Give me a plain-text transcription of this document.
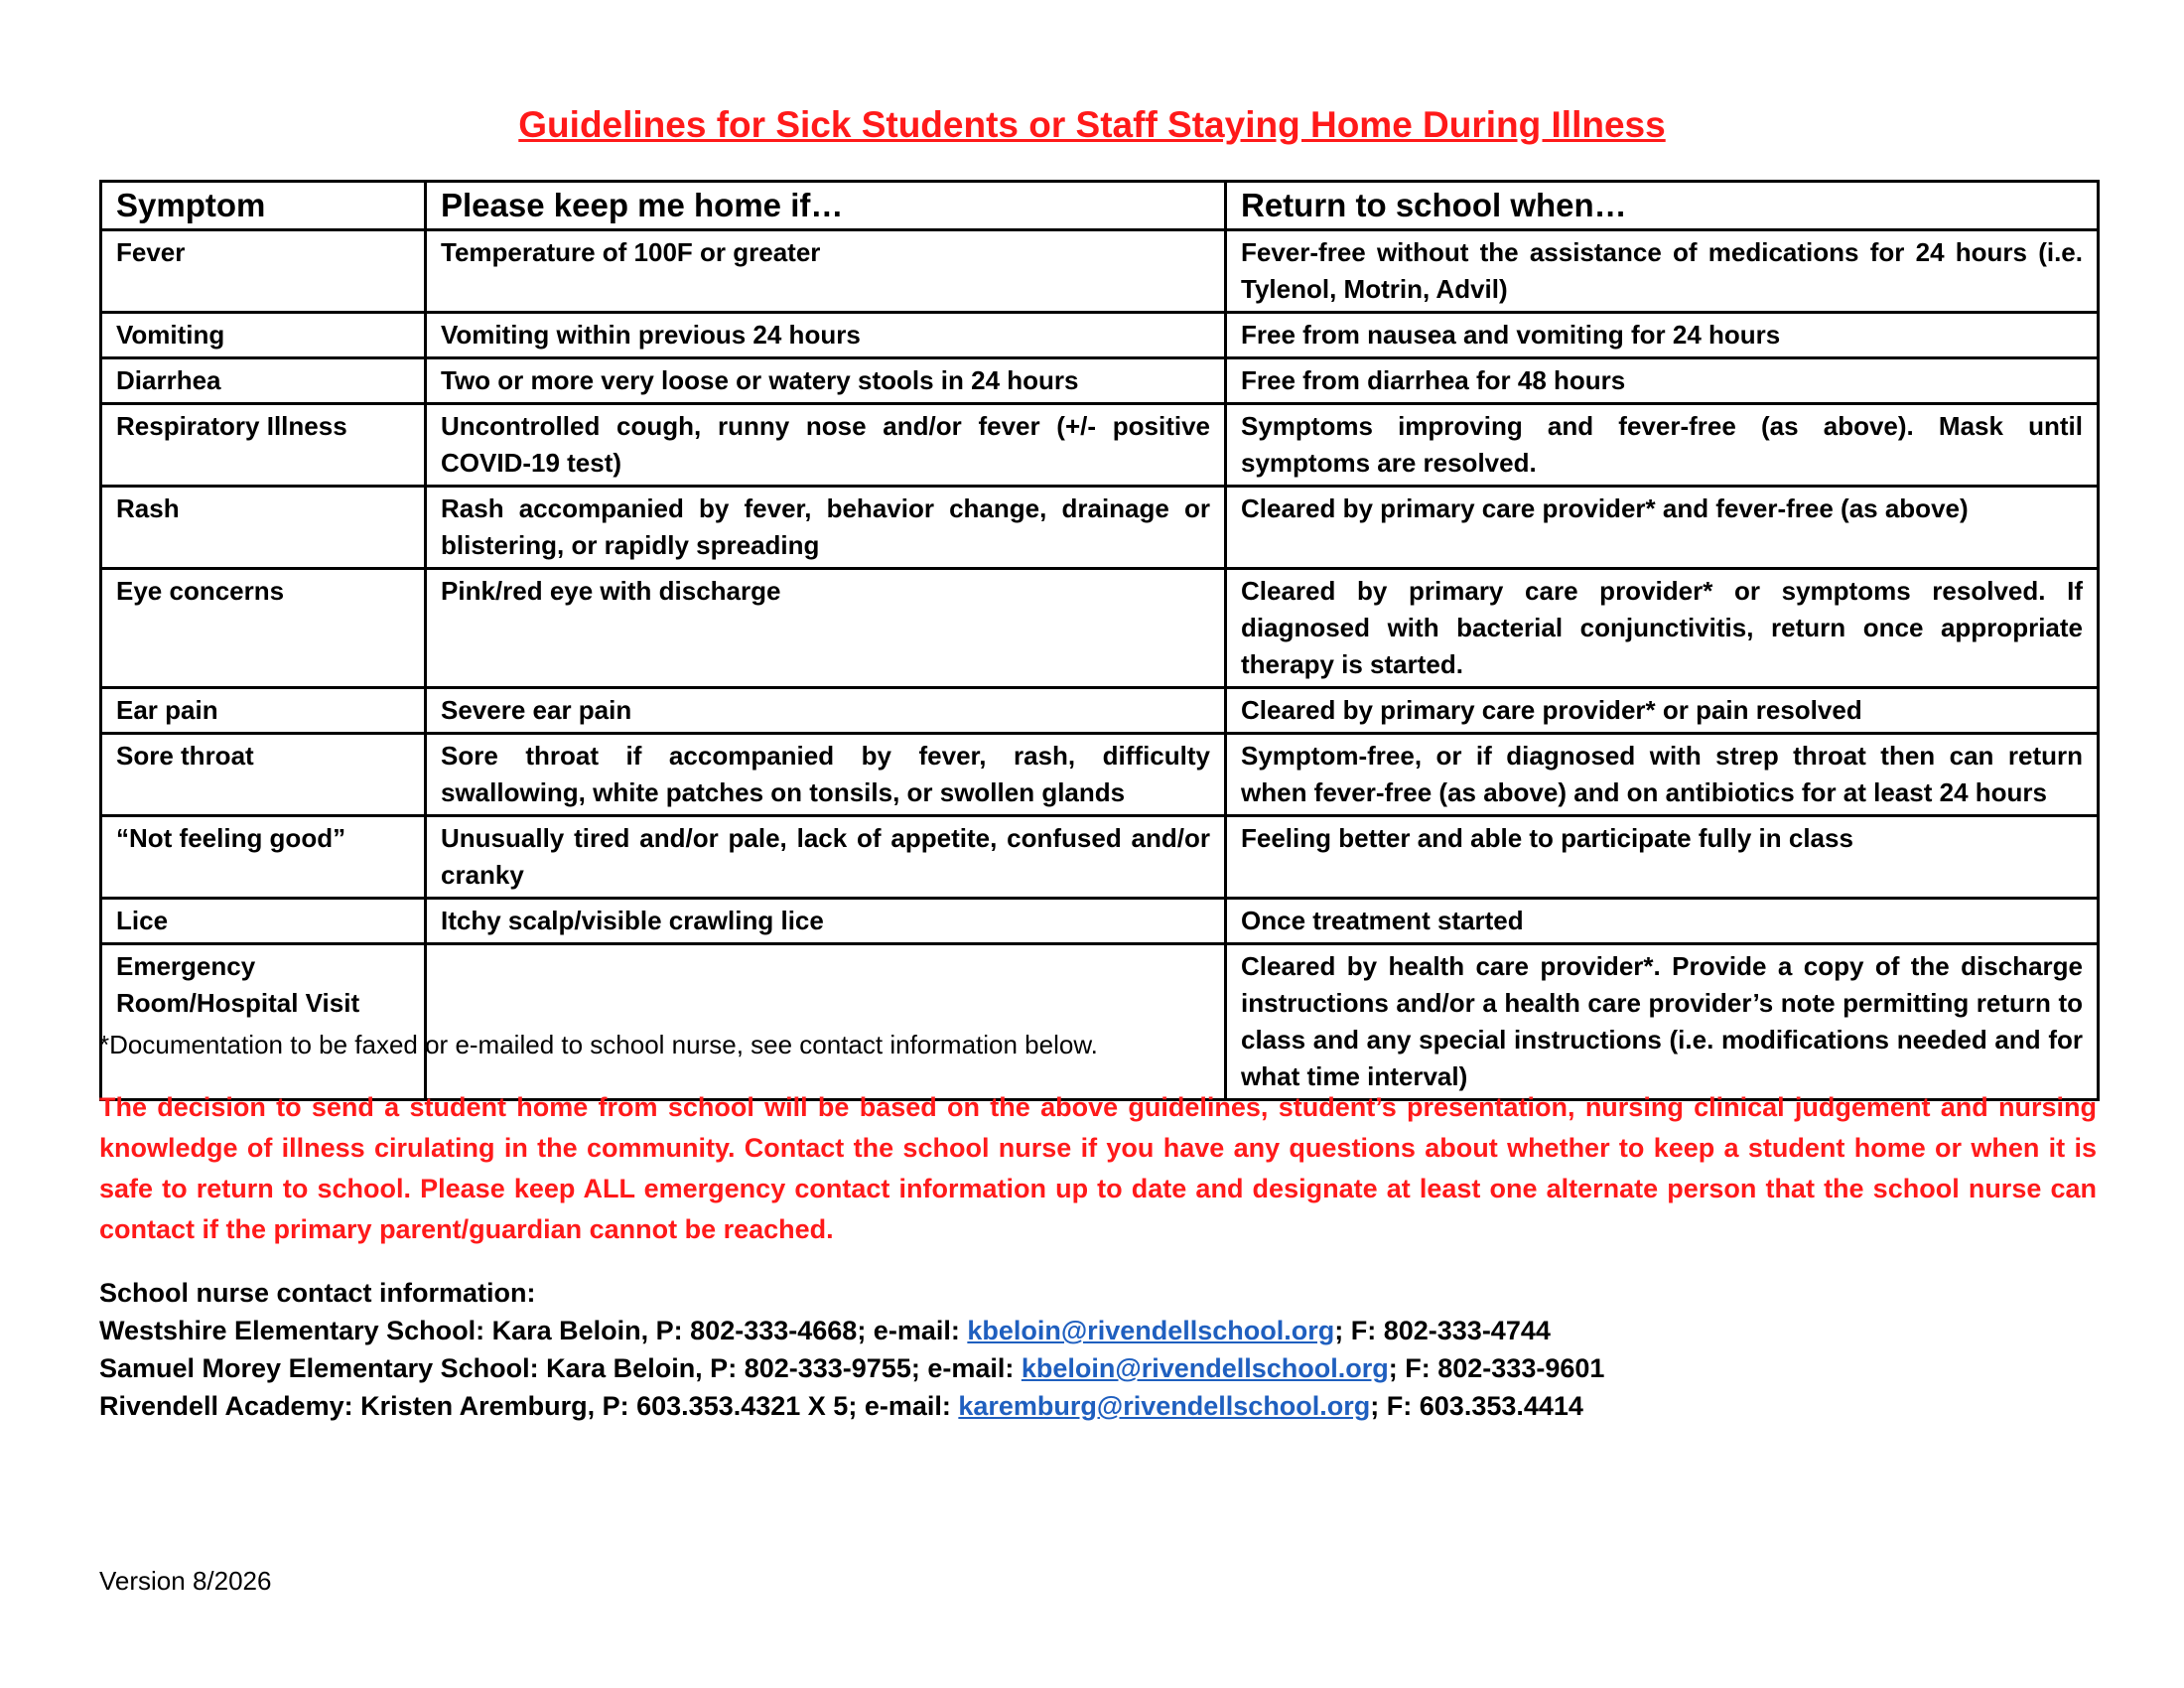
Guidelines for Sick Students or Staff Staying Home During Illness
Symptom	Please keep me home if…	Return to school when…
Fever	Temperature of 100F or greater	Fever-free without the assistance of medications for 24 hours (i.e. Tylenol, Motrin, Advil)
Vomiting	Vomiting within previous 24 hours	Free from nausea and vomiting for 24 hours
Diarrhea	Two or more very loose or watery stools in 24 hours	Free from diarrhea for 48 hours
Respiratory Illness	Uncontrolled cough, runny nose and/or fever (+/- positive COVID-19 test)	Symptoms improving and fever-free (as above). Mask until symptoms are resolved.
Rash	Rash accompanied by fever, behavior change, drainage or blistering, or rapidly spreading	Cleared by primary care provider* and fever-free (as above)
Eye concerns	Pink/red eye with discharge	Cleared by primary care provider* or symptoms resolved. If diagnosed with bacterial conjunctivitis, return once appropriate therapy is started.
Ear pain	Severe ear pain	Cleared by primary care provider* or pain resolved
Sore throat	Sore throat if accompanied by fever, rash, difficulty swallowing, white patches on tonsils, or swollen glands	Symptom-free, or if diagnosed with strep throat then can return when fever-free (as above) and on antibiotics for at least 24 hours
“Not feeling good”	Unusually tired and/or pale, lack of appetite, confused and/or cranky	Feeling better and able to participate fully in class
Lice	Itchy scalp/visible crawling lice	Once treatment started
Emergency Room/Hospital Visit		Cleared by health care provider*. Provide a copy of the discharge instructions and/or a health care provider’s note permitting return to class and any special instructions (i.e. modifications needed and for what time interval)
*Documentation to be faxed or e-mailed to school nurse, see contact information below.
The decision to send a student home from school will be based on the above guidelines, student’s presentation, nursing clinical judgement and nursing knowledge of illness cirulating in the community. Contact the school nurse if you have any questions about whether to keep a student home or when it is safe to return to school. Please keep ALL emergency contact information up to date and designate at least one alternate person that the school nurse can contact if the primary parent/guardian cannot be reached.
School nurse contact information:
Westshire Elementary School: Kara Beloin, P: 802-333-4668; e-mail: kbeloin@rivendellschool.org; F: 802-333-4744
Samuel Morey Elementary School: Kara Beloin, P: 802-333-9755; e-mail: kbeloin@rivendellschool.org; F: 802-333-9601
Rivendell Academy: Kristen Aremburg, P: 603.353.4321 X 5; e-mail: karemburg@rivendellschool.org; F: 603.353.4414
Version 8/2026
